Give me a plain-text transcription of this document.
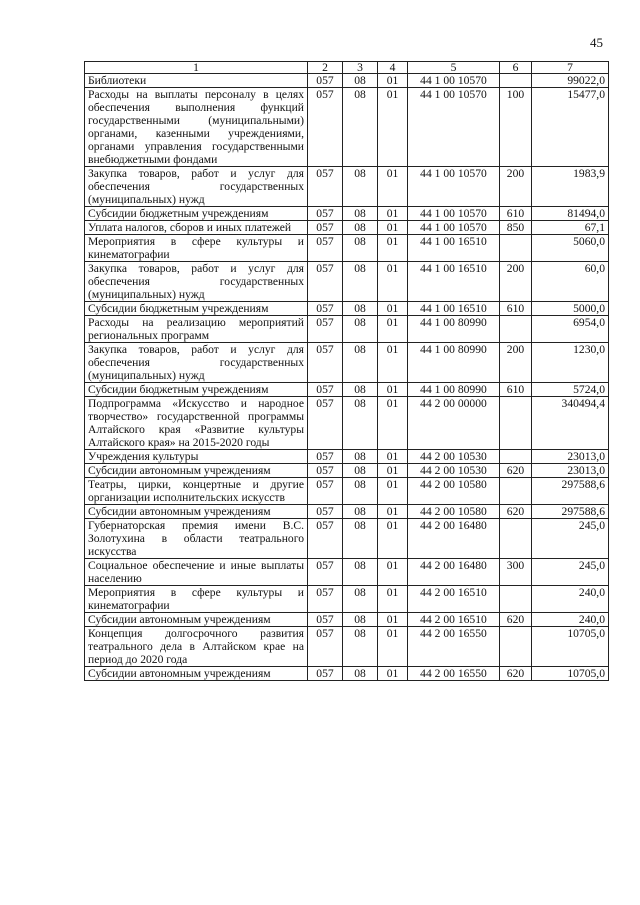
45
1	2	3	4	5	6	7
Библиотеки	057	08	01	44 1 00 10570		99022,0
Расходы на выплаты персоналу в целях обеспечения выполнения функций государственными (муниципальными) органами, казенными учреждениями, органами управления государственными внебюджетными фондами	057	08	01	44 1 00 10570	100	15477,0
Закупка товаров, работ и услуг для обеспечения государственных (муниципальных) нужд	057	08	01	44 1 00 10570	200	1983,9
Субсидии бюджетным учреждениям	057	08	01	44 1 00 10570	610	81494,0
Уплата налогов, сборов и иных платежей	057	08	01	44 1 00 10570	850	67,1
Мероприятия в сфере культуры и кинематографии	057	08	01	44 1 00 16510		5060,0
Закупка товаров, работ и услуг для обеспечения государственных (муниципальных) нужд	057	08	01	44 1 00 16510	200	60,0
Субсидии бюджетным учреждениям	057	08	01	44 1 00 16510	610	5000,0
Расходы на реализацию мероприятий региональных программ	057	08	01	44 1 00 80990		6954,0
Закупка товаров, работ и услуг для обеспечения государственных (муниципальных) нужд	057	08	01	44 1 00 80990	200	1230,0
Субсидии бюджетным учреждениям	057	08	01	44 1 00 80990	610	5724,0
Подпрограмма «Искусство и народное творчество» государственной программы Алтайского края «Развитие культуры Алтайского края» на 2015-2020 годы	057	08	01	44 2 00 00000		340494,4
Учреждения культуры	057	08	01	44 2 00 10530		23013,0
Субсидии автономным учреждениям	057	08	01	44 2 00 10530	620	23013,0
Театры, цирки, концертные и другие организации исполнительских искусств	057	08	01	44 2 00 10580		297588,6
Субсидии автономным учреждениям	057	08	01	44 2 00 10580	620	297588,6
Губернаторская премия имени В.С. Золотухина в области театрального искусства	057	08	01	44 2 00 16480		245,0
Социальное обеспечение и иные выплаты населению	057	08	01	44 2 00 16480	300	245,0
Мероприятия в сфере культуры и кинематографии	057	08	01	44 2 00 16510		240,0
Субсидии автономным учреждениям	057	08	01	44 2 00 16510	620	240,0
Концепция долгосрочного развития театрального дела в Алтайском крае на период до 2020 года	057	08	01	44 2 00 16550		10705,0
Субсидии автономным учреждениям	057	08	01	44 2 00 16550	620	10705,0
